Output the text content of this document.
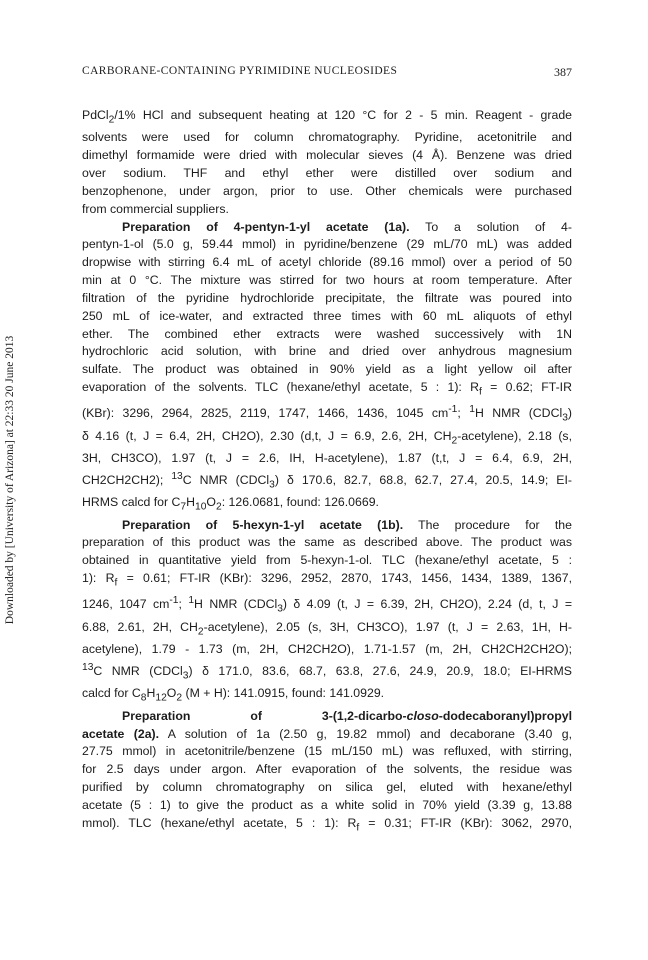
CARBORANE-CONTAINING PYRIMIDINE NUCLEOSIDES	387
Downloaded by [University of Arizona] at 22:33 20 June 2013
PdCl$_2$/1% HCl and subsequent heating at 120 °C for 2 - 5 min. Reagent - grade
solvents were used for column chromatography. Pyridine, acetonitrile and
dimethyl formamide were dried with molecular sieves (4 Å). Benzene was dried
over sodium. THF and ethyl ether were distilled over sodium and
benzophenone, under argon, prior to use. Other chemicals were purchased
from commercial suppliers.
Preparation of 4-pentyn-1-yl acetate (1a). To a solution of 4-
pentyn-1-ol (5.0 g, 59.44 mmol) in pyridine/benzene (29 mL/70 mL) was added
dropwise with stirring 6.4 mL of acetyl chloride (89.16 mmol) over a period of 50
min at 0 °C. The mixture was stirred for two hours at room temperature. After
filtration of the pyridine hydrochloride precipitate, the filtrate was poured into
250 mL of ice-water, and extracted three times with 60 mL aliquots of ethyl
ether. The combined ether extracts were washed successively with 1N
hydrochloric acid solution, with brine and dried over anhydrous magnesium
sulfate. The product was obtained in 90% yield as a light yellow oil after
evaporation of the solvents. TLC (hexane/ethyl acetate, 5 : 1): $R_f = 0.62$; FT-IR
(KBr): 3296, 2964, 2825, 2119, 1747, 1466, 1436, 1045 $cm^{-1}$; $^1$H NMR (CDCl$_3$)
δ 4.16 (t, J = 6.4, 2H, CH2O), 2.30 (d,t, J = 6.9, 2.6, 2H, $CH_2-acetylene$), 2.18 (s,
3H, CH3CO), 1.97 (t, J = 2.6, IH, H-acetylene), 1.87 (t,t, J = 6.4, 6.9, 2H,
CH2CH2CH2); $^{13}$C NMR (CDCl$_3$) δ 170.6, 82.7, 68.8, 62.7, 27.4, 20.5, 14.9; EI-
HRMS calcd for $C_7H_{10}O_2$: 126.0681, found: 126.0669.
Preparation of 5-hexyn-1-yl acetate (1b). The procedure for the
preparation of this product was the same as described above. The product was
obtained in quantitative yield from 5-hexyn-1-ol. TLC (hexane/ethyl acetate, 5 :
1): $R_f = 0.61$; FT-IR (KBr): 3296, 2952, 2870, 1743, 1456, 1434, 1389, 1367,
1246, 1047 $cm^{-1}$; $^1$H NMR (CDCl$_3$) δ 4.09 (t, J = 6.39, 2H, CH2O), 2.24 (d, t, J =
6.88, 2.61, 2H, $CH_2-acetylene$), 2.05 (s, 3H, CH3CO), 1.97 (t, J = 2.63, 1H, H-
acetylene), 1.79 - 1.73 (m, 2H, CH2CH2O), 1.71-1.57 (m, 2H, CH2CH2CH2O);
$^{13}$C NMR (CDCl$_3$) δ 171.0, 83.6, 68.7, 63.8, 27.6, 24.9, 20.9, 18.0; EI-HRMS
calcd for $C_8H_{12}O_2$ (M + H): 141.0915, found: 141.0929.
Preparation of 3-(1,2-dicarbo-closo-dodecaboranyl)propyl
acetate (2a). A solution of 1a (2.50 g, 19.82 mmol) and decaborane (3.40 g,
27.75 mmol) in acetonitrile/benzene (15 mL/150 mL) was refluxed, with stirring,
for 2.5 days under argon. After evaporation of the solvents, the residue was
purified by column chromatography on silica gel, eluted with hexane/ethyl
acetate (5 : 1) to give the product as a white solid in 70% yield (3.39 g, 13.88
mmol). TLC (hexane/ethyl acetate, 5 : 1): $R_f = 0.31$; FT-IR (KBr): 3062, 2970,
